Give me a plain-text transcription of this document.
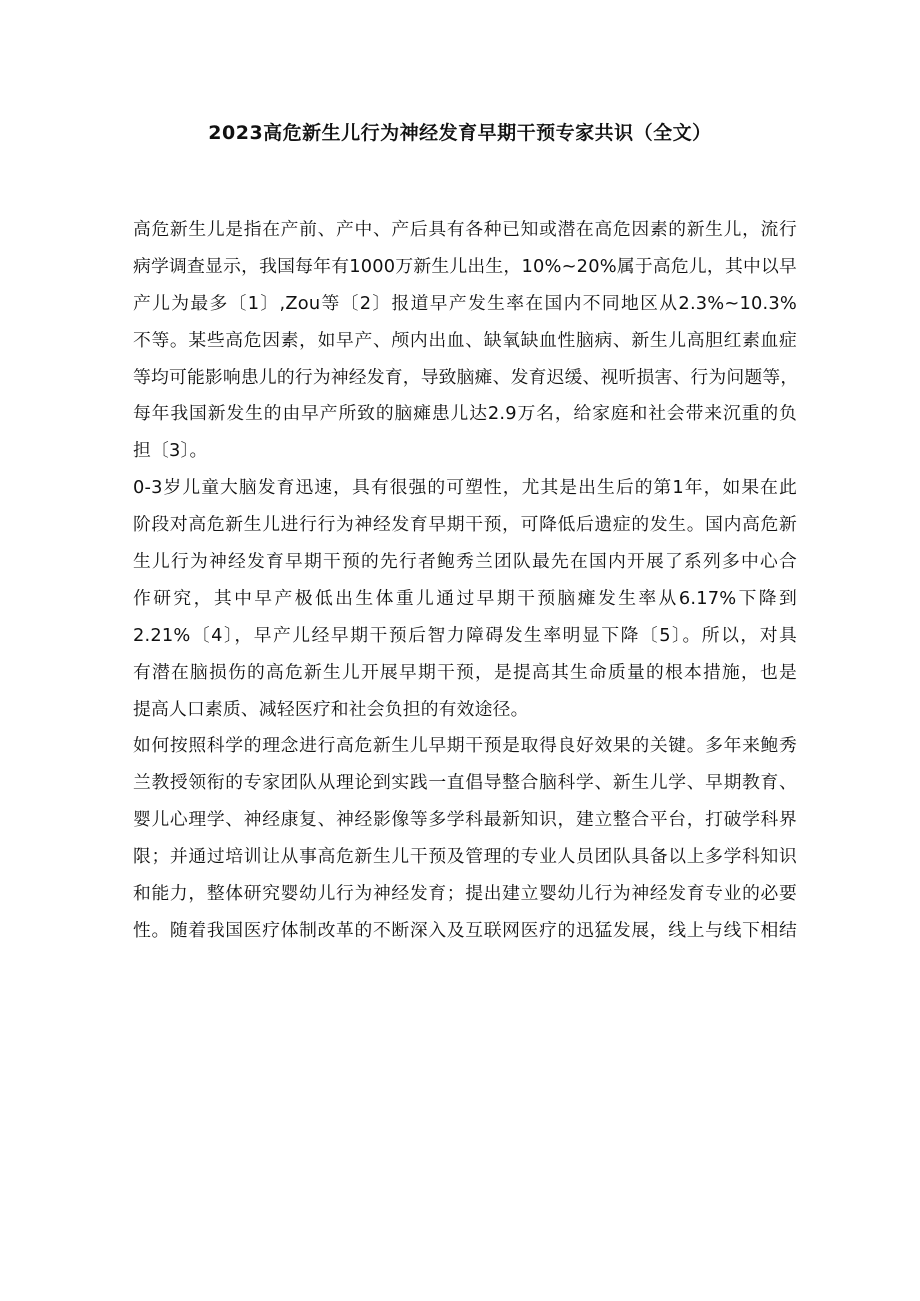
2023高危新生儿行为神经发育早期干预专家共识（全文）
高危新生儿是指在产前、产中、产后具有各种已知或潜在高危因素的新生儿，流行
病学调查显示，我国每年有1000万新生儿出生，10%~20%属于高危儿，其中以早
产儿为最多〔1〕,Zou等〔2〕报道早产发生率在国内不同地区从2.3%~10.3%
不等。某些高危因素，如早产、颅内出血、缺氧缺血性脑病、新生儿高胆红素血症
等均可能影响患儿的行为神经发育，导致脑瘫、发育迟缓、视听损害、行为问题等，
每年我国新发生的由早产所致的脑瘫患儿达2.9万名，给家庭和社会带来沉重的负
担〔3〕。
0-3岁儿童大脑发育迅速，具有很强的可塑性，尤其是出生后的第1年，如果在此
阶段对高危新生儿进行行为神经发育早期干预，可降低后遗症的发生。国内高危新
生儿行为神经发育早期干预的先行者鲍秀兰团队最先在国内开展了系列多中心合
作研究，其中早产极低出生体重儿通过早期干预脑瘫发生率从6.17%下降到
2.21%〔4〕，早产儿经早期干预后智力障碍发生率明显下降〔5〕。所以，对具
有潜在脑损伤的高危新生儿开展早期干预，是提高其生命质量的根本措施，也是
提高人口素质、减轻医疗和社会负担的有效途径。
如何按照科学的理念进行高危新生儿早期干预是取得良好效果的关键。多年来鲍秀
兰教授领衔的专家团队从理论到实践一直倡导整合脑科学、新生儿学、早期教育、
婴儿心理学、神经康复、神经影像等多学科最新知识，建立整合平台，打破学科界
限；并通过培训让从事高危新生儿干预及管理的专业人员团队具备以上多学科知识
和能力，整体研究婴幼儿行为神经发育；提出建立婴幼儿行为神经发育专业的必要
性。随着我国医疗体制改革的不断深入及互联网医疗的迅猛发展，线上与线下相结
